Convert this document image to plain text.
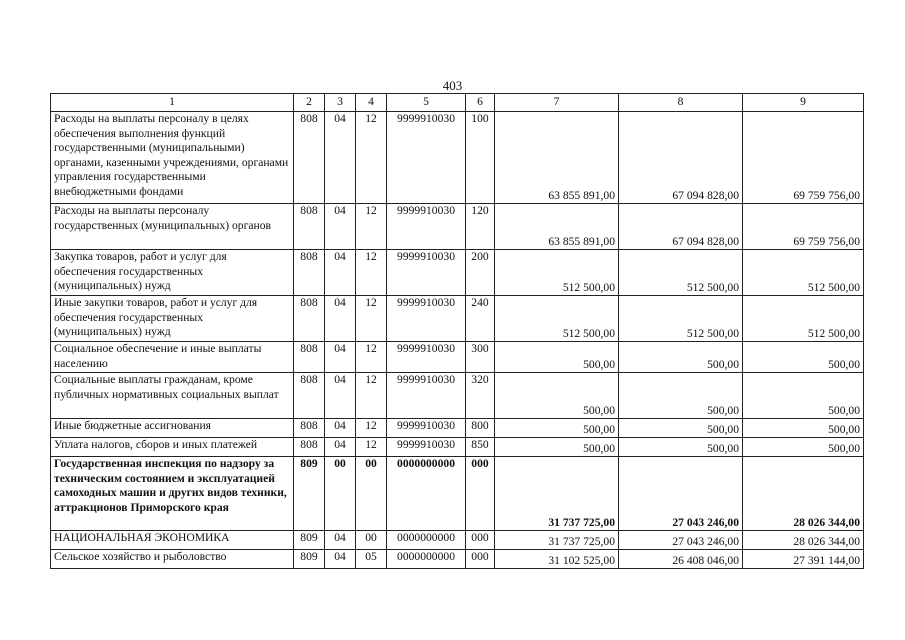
403
1	2	3	4	5	6	7	8	9
Расходы на выплаты персоналу в целях обеспечения выполнения функций государственными (муниципальными) органами, казенными учреждениями, органами управления государственными внебюджетными фондами	808	04	12	9999910030	100	63 855 891,00	67 094 828,00	69 759 756,00
Расходы на выплаты персоналу государственных (муниципальных) органов	808	04	12	9999910030	120	63 855 891,00	67 094 828,00	69 759 756,00
Закупка товаров, работ и услуг для обеспечения государственных (муниципальных) нужд	808	04	12	9999910030	200	512 500,00	512 500,00	512 500,00
Иные закупки товаров, работ и услуг для обеспечения государственных (муниципальных) нужд	808	04	12	9999910030	240	512 500,00	512 500,00	512 500,00
Социальное обеспечение и иные выплаты населению	808	04	12	9999910030	300	500,00	500,00	500,00
Социальные выплаты гражданам, кроме публичных нормативных социальных выплат	808	04	12	9999910030	320	500,00	500,00	500,00
Иные бюджетные ассигнования	808	04	12	9999910030	800	500,00	500,00	500,00
Уплата налогов, сборов и иных платежей	808	04	12	9999910030	850	500,00	500,00	500,00
Государственная инспекция по надзору за техническим состоянием и эксплуатацией самоходных машин и других видов техники, аттракционов Приморского края	809	00	00	0000000000	000	31 737 725,00	27 043 246,00	28 026 344,00
НАЦИОНАЛЬНАЯ ЭКОНОМИКА	809	04	00	0000000000	000	31 737 725,00	27 043 246,00	28 026 344,00
Сельское хозяйство и рыболовство	809	04	05	0000000000	000	31 102 525,00	26 408 046,00	27 391 144,00
